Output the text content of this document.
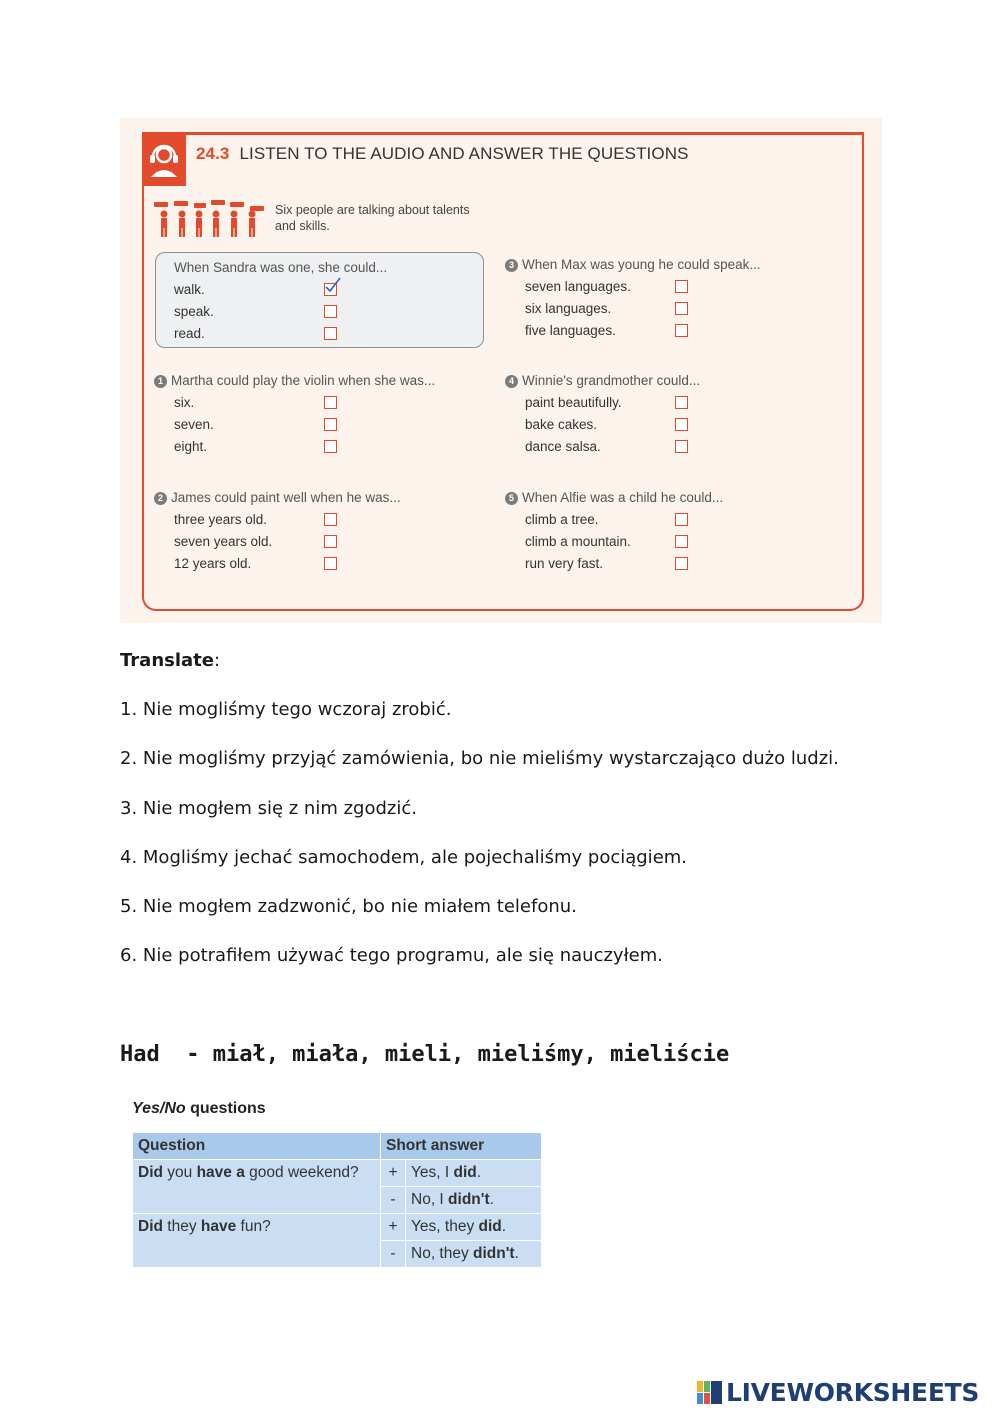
24.3 LISTEN TO THE AUDIO AND ANSWER THE QUESTIONS
Six people are talking about talents and skills.
When Sandra was one, she could...
walk.
speak.
read.
1 Martha could play the violin when she was...
six.
seven.
eight.
2 James could paint well when he was...
three years old.
seven years old.
12 years old.
3 When Max was young he could speak...
seven languages.
six languages.
five languages.
4 Winnie's grandmother could...
paint beautifully.
bake cakes.
dance salsa.
5 When Alfie was a child he could...
climb a tree.
climb a mountain.
run very fast.
Translate:
1. Nie mogliśmy tego wczoraj zrobić.
2. Nie mogliśmy przyjąć zamówienia, bo nie mieliśmy wystarczająco dużo ludzi.
3. Nie mogłem się z nim zgodzić.
4. Mogliśmy jechać samochodem, ale pojechaliśmy pociągiem.
5. Nie mogłem zadzwonić, bo nie miałem telefonu.
6. Nie potrafiłem używać tego programu, ale się nauczyłem.
Had  - miał, miała, mieli, mieliśmy, mieliście
Yes/No questions
Question	Short answer	
Did you have a good weekend?	+	Yes, I did.
	-	No, I didn't.
Did they have fun?	+	Yes, they did.
	-	No, they didn't.
LIVEWORKSHEETS
